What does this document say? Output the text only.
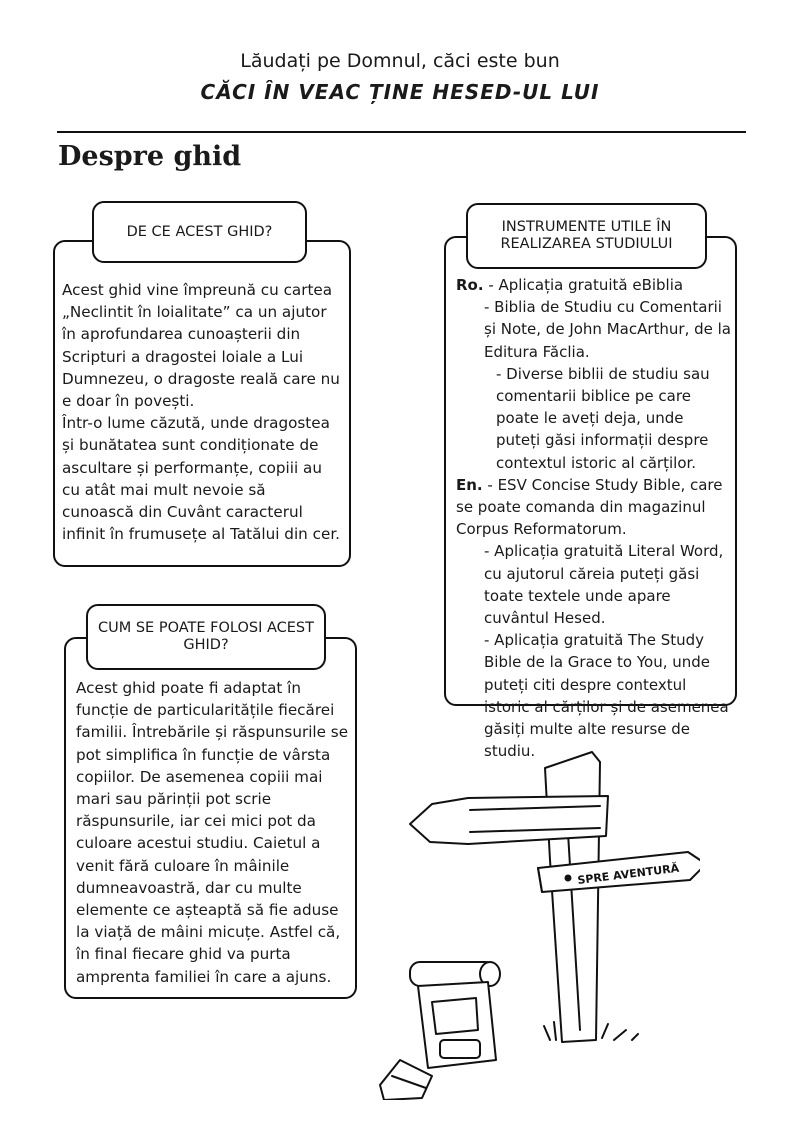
Lăudați pe Domnul, căci este bun
CĂCI ÎN VEAC ȚINE HESED-UL LUI
Despre ghid
DE CE ACEST GHID?

Acest ghid vine împreună cu cartea „Neclintit în loialitate” ca un ajutor în aprofundarea cunoașterii din Scripturi a dragostei loiale a Lui Dumnezeu, o dragoste reală care nu e doar în povești.

Într-o lume căzută, unde dragostea și bunătatea sunt condiționate de ascultare și performanțe, copiii au cu atât mai mult nevoie să cunoască din Cuvânt caracterul infinit în frumusețe al Tatălui din cer.

INSTRUMENTE UTILE ÎN REALIZAREA STUDIULUI

Ro. - Aplicația gratuită eBiblia

- Biblia de Studiu cu Comentarii și Note, de John MacArthur, de la Editura Făclia.

- Diverse biblii de studiu sau comentarii biblice pe care poate le aveți deja, unde puteți găsi informații despre contextul istoric al cărților.

En. - ESV Concise Study Bible, care se poate comanda din magazinul Corpus Reformatorum.

- Aplicația gratuită Literal Word, cu ajutorul căreia puteți găsi toate textele unde apare cuvântul Hesed.

- Aplicația gratuită The Study Bible de la Grace to You, unde puteți citi despre contextul istoric al cărților și de asemenea găsiți multe alte resurse de studiu.

CUM SE POATE FOLOSI ACEST GHID?

Acest ghid poate fi adaptat în funcție de particularitățile fiecărei familii. Întrebările și răspunsurile se pot simplifica în funcție de vârsta copiilor. De asemenea copiii mai mari sau părinții pot scrie răspunsurile, iar cei mici pot da culoare acestui studiu. Caietul a venit fără culoare în mâinile dumneavoastră, dar cu multe elemente ce așteaptă să fie aduse la viață de mâini micuțe. Astfel că, în final fiecare ghid va purta amprenta familiei în care a ajuns.

SPRE AVENTURĂ
